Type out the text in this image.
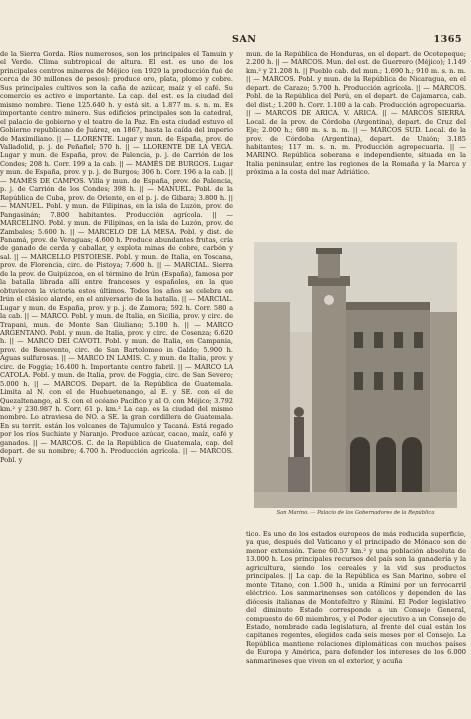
SAN	1365

de la Sierra Gorda. Ríos numerosos, son los principales el Tamuin y el Verde. Clima subtropical de altura. El est. es uno de los principales centros mineros de Méjico (en 1929 la producción fué de cerca de 30 millones de pesos): produce oro, plata, plomo y cobre. Sus principales cultivos son la caña de azúcar, maíz y el café. Su comercio es activo e importante. La cap. del est. es la ciudad del mismo nombre. Tiene 125.640 h. y está sit. a 1.877 m. s. n. m. Es importante centro minero. Sus edificios principales son la catedral, el palacio de gobierno y el teatro de la Paz. En esta ciudad estuvo el Gobierno republicano de Juárez, en 1867, hasta la caída del imperio de Maximiliano. || — LLORENTE. Lugar y mun. de España, prov. de Valladolid, p. j. de Peñafiel; 570 h. || — LLORENTE DE LA VEGA. Lugar y mun. de España, prov. de Palencia, p. j. de Carrión de los Condes; 208 h. Corr. 199 a la cab. || — MAMÉS DE BURGOS. Lugar y mun. de España, prov. y p. j. de Burgos; 306 h. Corr. 196 a la cab. || — MAMÉS DE CAMPOS. Villa y mun. de España, prov. de Palencia, p. j. de Carrión de los Condes; 398 h. || — MANUEL. Pobl. de la República de Cuba, prov. de Oriente, en el p. j. de Gibara; 3.800 h. || — MANUEL. Pobl. y mun. de Filipinas, en la isla de Luzón, prov. de Pangasinán; 7.800 habitantes. Producción agrícola. || — MARCELINO. Pobl. y mun. de Filipinas, en la isla de Luzón, prov. de Zambales; 5.600 h. || — MARCELO DE LA MESA. Pobl. y dist. de Panamá, prov. de Veraguas; 4.600 h. Produce abundantes frutas, cría de ganado de cerda y caballar, y explota minas de cobre, carbón y sal. || — MARCELLO PISTOIESE. Pobl. y mun. de Italia, en Toscana, prov. de Florencia, circ. de Pistoya; 7.600 h. || — MARCIAL. Sierra de la prov. de Guipúzcoa, en el término de Irún (España), famosa por la batalla librada allí entre franceses y españoles, en la que obtuvieron la victoria estos últimos. Todos los años se celebra en Irún el clásico alarde, en el aniversario de la batalla. || — MARCIAL. Lugar y mun. de España, prov. y p. j. de Zamora; 592 h. Corr. 580 a la cab. || — MARCO. Pobl. y mun. de Italia, en Sicilia, prov. y circ. de Trapani, mun. de Monte San Giuliano; 5.100 h. || — MARCO ARGENTANO. Pobl. y mun. de Italia, prov. y circ. de Cosenza; 6.620 h. || — MARCO DEI CAVOTI. Pobl. y mun. de Italia, en Campania, prov. de Benevento, circ. de San Bartolomeo in Galdo; 5.900 h. Aguas sulfurosas. || — MARCO IN LAMIS. C. y mun. de Italia, prov. y circ. de Foggia; 16.400 h. Importante centro fabril. || — MARCO LA CATOLA. Pobl. y mun. de Italia, prov. de Foggia, circ. de San Severo; 5.000 h. || — MARCOS. Depart. de la República de Guatemala. Limita al N. con el de Huehuetenango, al E. y SE. con el de Quezaltenango, al S. con el océano Pacífico y al O. con Méjico; 3.792 km.² y 230.987 h. Corr. 61 p. km.² La cap. es la ciudad del mismo nombre. Lo atraviesa de NO. a SE. la gran cordillera de Guatemala. En su territ. están los volcanes de Tajumulco y Tacaná. Está regado por los ríos Suchiate y Naranjo. Produce azúcar, cacao, maíz, café y ganados. || — MARCOS. C. de la República de Guatemala, cap. del depart. de su nombre; 4.700 h. Producción agrícola. || — MARCOS. Pobl. y

mun. de la República de Honduras, en el depart. de Ocotepeque; 2.200 h. || — MARCOS. Mun. del est. de Guerrero (Méjico); 1.149 km.² y 21.208 h. || Pueblo cab. del mun.; 1.690 h.; 910 m. s. n. m. || — MARCOS. Pobl. y mun. de la República de Nicaragua, en el depart. de Carazo; 5.700 h. Producción agrícola. || — MARCOS. Pobl. de la República del Perú, en el depart. de Cajamarca, cab. del dist.; 1.200 h. Corr. 1.100 a la cab. Producción agropecuaria. || — MARCOS DE ARICA. V. ARICA. || — MARCOS SIERRA. Local. de la prov. de Córdoba (Argentina), depart. de Cruz del Eje; 2.000 h.; 680 m. s. n. m. || — MARCOS SUD. Local. de la prov. de Córdoba (Argentina), depart. de Unión; 3.185 habitantes; 117 m. s. n. m. Producción agropecuaria. || — MARINO. República soberana e independiente, situada en la Italia peninsular, entre las regiones de la Romaña y la Marca y próxima a la costa del mar Adriático.

San Marino. — Palacio de los Gobernadores de la República

tico. Es uno de los estados europeos de más reducida superficie, ya que, después del Vaticano y el principado de Mónaco son de menor extensión. Tiene 60.57 km.² y una población absoluta de 13.000 h. Los principales recursos del país son la ganadería y la agricultura, siendo los cereales y la vid sus productos principales. || La cap. de la República es San Marino, sobre el monte Titano, con 1.500 h., unida a Rímini por un ferrocarril eléctrico. Los sanmarinenses son católicos y dependen de las diócesis italianas de Montefeltro y Rímini. El Poder legislativo del diminuto Estado corresponde a un Consejo General, compuesto de 60 miembros, y el Poder ejecutivo a un Consejo de Estado, nombrado cada legislatura, al frente del cual están los capitanes regentes, elegidos cada seis meses por el Consejo. La República mantiene relaciones diplomáticas con muchos países de Europa y América, para defender los intereses de los 6.000 sanmarineses que viven en el exterior, y acuña
